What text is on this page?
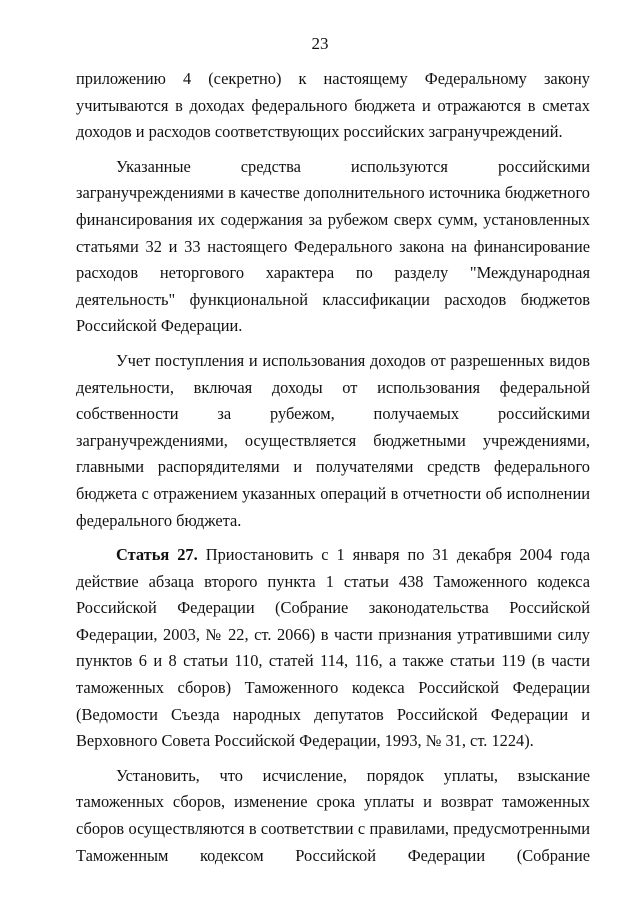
23
приложению 4 (секретно) к настоящему Федеральному закону
учитываются в доходах федерального бюджета и отражаются в сметах
доходов и расходов соответствующих российских загранучреждений.
Указанные средства используются российскими
загранучреждениями в качестве дополнительного источника бюджетного
финансирования их содержания за рубежом сверх сумм, установленных
статьями 32 и 33 настоящего Федерального закона на финансирование
расходов неторгового характера по разделу "Международная
деятельность" функциональной классификации расходов бюджетов
Российской Федерации.
Учет поступления и использования доходов от разрешенных видов
деятельности, включая доходы от использования федеральной
собственности за рубежом, получаемых российскими
загранучреждениями, осуществляется бюджетными учреждениями,
главными распорядителями и получателями средств федерального
бюджета с отражением указанных операций в отчетности об исполнении
федерального бюджета.
Статья 27. Приостановить с 1 января по 31 декабря 2004 года
действие абзаца второго пункта 1 статьи 438 Таможенного кодекса
Российской Федерации (Собрание законодательства Российской
Федерации, 2003, № 22, ст. 2066) в части признания утратившими силу
пунктов 6 и 8 статьи 110, статей 114, 116, а также статьи 119 (в части
таможенных сборов) Таможенного кодекса Российской Федерации
(Ведомости Съезда народных депутатов Российской Федерации и
Верховного Совета Российской Федерации, 1993, № 31, ст. 1224).
Установить, что исчисление, порядок уплаты, взыскание
таможенных сборов, изменение срока уплаты и возврат таможенных
сборов осуществляются в соответствии с правилами, предусмотренными
Таможенным кодексом Российской Федерации (Собрание
